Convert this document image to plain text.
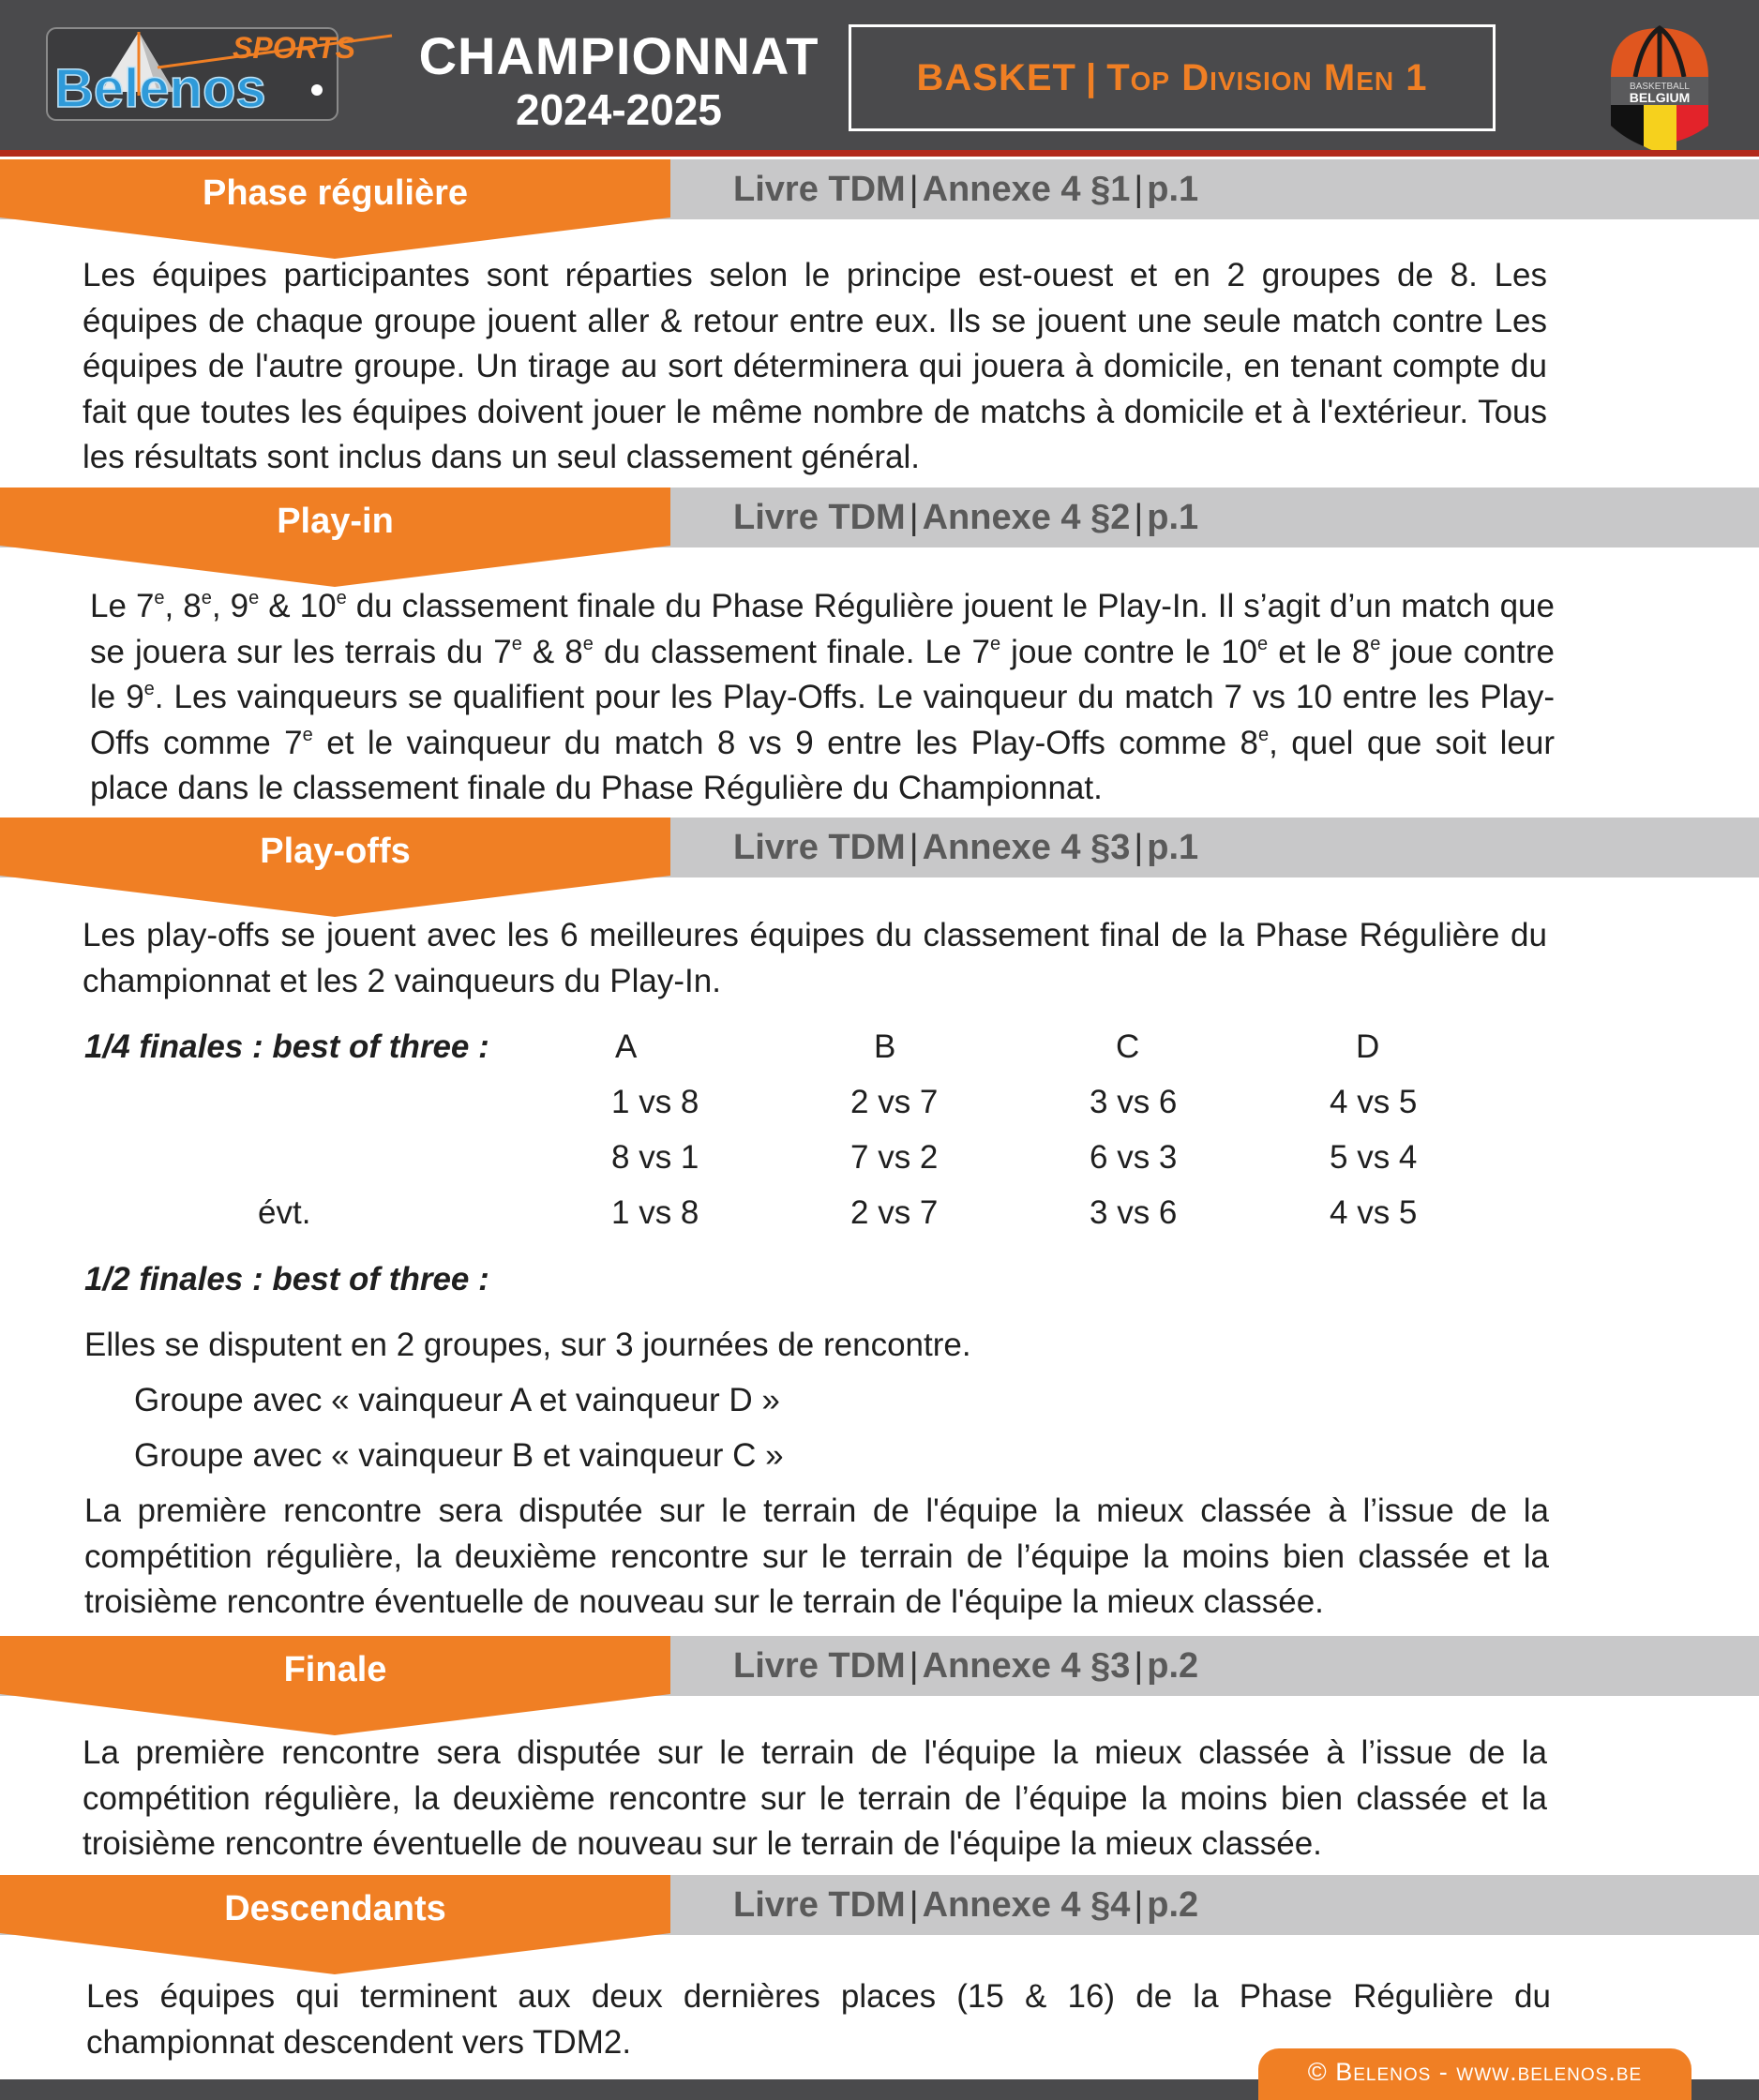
SPORTS
Belenos
CHAMPIONNAT
2024-2025
BASKET | Top Division Men 1	BASKETBALL
BELGIUM
Phase régulière	Livre TDM | Annexe 4 §1 | p.1

Les équipes participantes sont réparties selon le principe est-ouest et en 2 groupes de 8. Les équipes de chaque groupe jouent aller & retour entre eux. Ils se jouent une seule match contre Les équipes de l'autre groupe. Un tirage au sort déterminera qui jouera à domicile, en tenant compte du fait que toutes les équipes doivent jouer le même nombre de matchs à domicile et à l'extérieur. Tous les résultats sont inclus dans un seul classement général.

Play-in	Livre TDM | Annexe 4 §2 | p.1

Le 7e, 8e, 9e & 10e du classement finale du Phase Régulière jouent le Play-In. Il s’agit d’un match que se jouera sur les terrais du 7e & 8e du classement finale. Le 7e joue contre le 10e et le 8e joue contre le 9e. Les vainqueurs se qualifient pour les Play-Offs. Le vainqueur du match 7 vs 10 entre les Play-Offs comme 7e et le vainqueur du match 8 vs 9 entre les Play-Offs comme 8e, quel que soit leur place dans le classement finale du Phase Régulière du Championnat.

Play-offs	Livre TDM | Annexe 4 §3 | p.1

Les play-offs se jouent avec les 6 meilleures équipes du classement final de la Phase Régulière du championnat et les 2 vainqueurs du Play-In.

1/4 finales : best of three :	A	B	C	D
1 vs 8	2 vs 7	3 vs 6	4 vs 5
8 vs 1	7 vs 2	6 vs 3	5 vs 4
évt.	1 vs 8	2 vs 7	3 vs 6	4 vs 5
1/2 finales : best of three :
Elles se disputent en 2 groupes, sur 3 journées de rencontre.
Groupe avec « vainqueur A et vainqueur D »
Groupe avec « vainqueur B et vainqueur C »

La première rencontre sera disputée sur le terrain de l'équipe la mieux classée à l’issue de la compétition régulière, la deuxième rencontre sur le terrain de l’équipe la moins bien classée et la troisième rencontre éventuelle de nouveau sur le terrain de l'équipe la mieux classée.

Finale	Livre TDM | Annexe 4 §3 | p.2

La première rencontre sera disputée sur le terrain de l'équipe la mieux classée à l’issue de la compétition régulière, la deuxième rencontre sur le terrain de l’équipe la moins bien classée et la troisième rencontre éventuelle de nouveau sur le terrain de l'équipe la mieux classée.

Descendants	Livre TDM | Annexe 4 §4 | p.2

Les équipes qui terminent aux deux dernières places (15 & 16) de la Phase Régulière du championnat descendent vers TDM2.

© Belenos - www.belenos.be
